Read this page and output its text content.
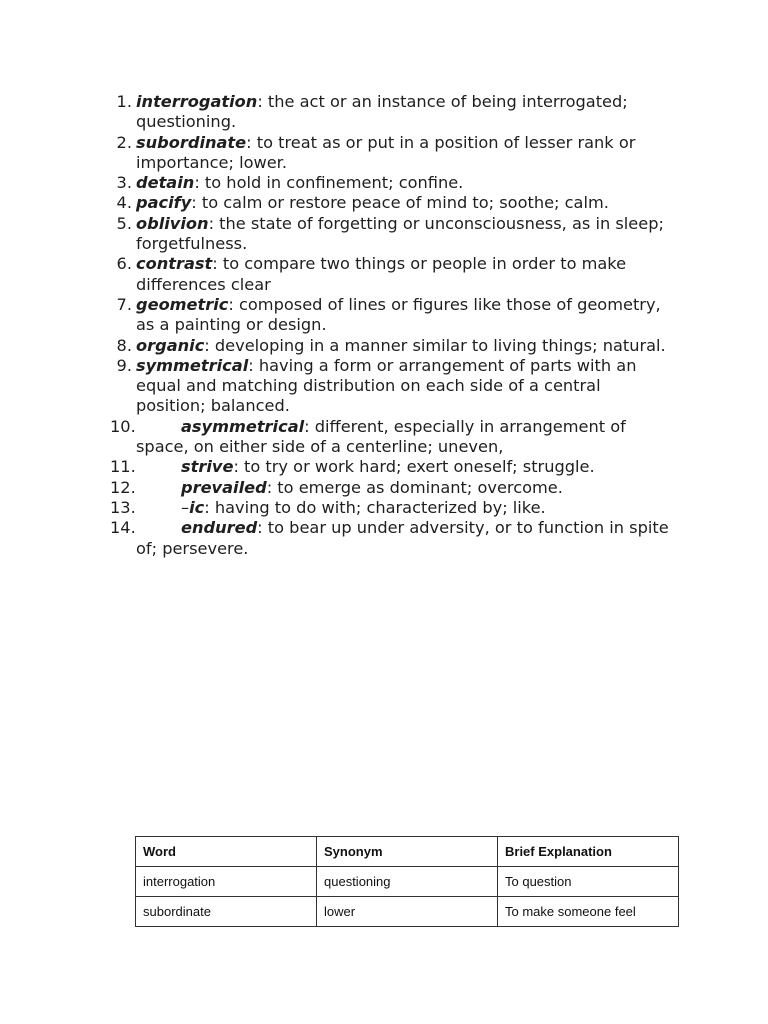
1. interrogation: the act or an instance of being interrogated; questioning.
2. subordinate: to treat as or put in a position of lesser rank or importance; lower.
3. detain: to hold in confinement; confine.
4. pacify: to calm or restore peace of mind to; soothe; calm.
5. oblivion: the state of forgetting or unconsciousness, as in sleep; forgetfulness.
6. contrast: to compare two things or people in order to make differences clear
7. geometric: composed of lines or figures like those of geometry, as a painting or design.
8. organic: developing in a manner similar to living things; natural.
9. symmetrical: having a form or arrangement of parts with an equal and matching distribution on each side of a central position; balanced.
10.	asymmetrical: different, especially in arrangement of space, on either side of a centerline; uneven,
11.	strive: to try or work hard; exert oneself; struggle.
12.	prevailed: to emerge as dominant; overcome.
13.	–ic: having to do with; characterized by; like.
14.	endured: to bear up under adversity, or to function in spite of; persevere.
Word	Synonym	Brief Explanation
interrogation	questioning	To question
subordinate	lower	To make someone feel
